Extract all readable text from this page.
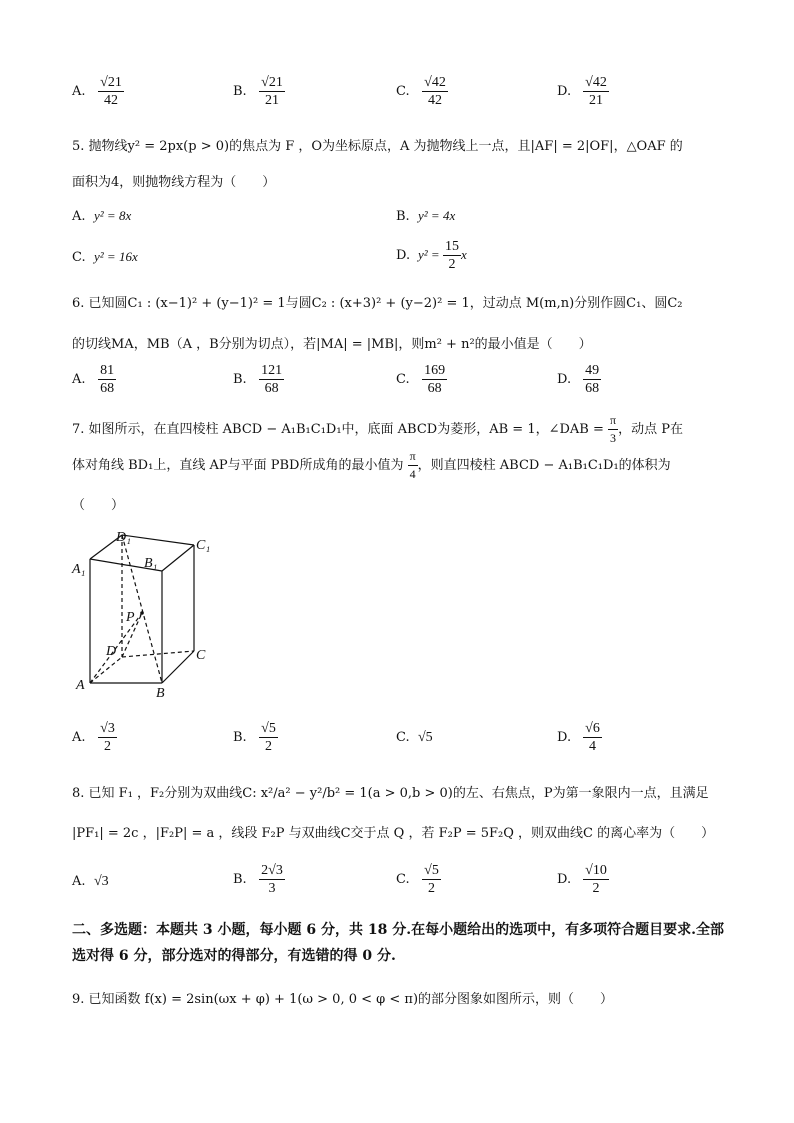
A. $\frac{√21}{42}$	B. $\frac{√21}{21}$	C. $\frac{√42}{42}$	D. $\frac{√42}{21}$
5. 抛物线y² = 2px(p > 0)的焦点为 F ，O为坐标原点，A 为抛物线上一点，且|AF| = 2|OF|，△OAF 的
面积为4，则抛物线方程为（　　）
A. y² = 8x	B. y² = 4x
C. y² = 16x	D. $y^2 = \frac{15}{2}$ x
6. 已知圆C₁ : (x−1)² + (y−1)² = 1与圆C₂ : (x+3)² + (y−2)² = 1，过动点 M(m,n)分别作圆C₁、圆C₂
的切线MA，MB（A ，B分别为切点），若|MA| = |MB|，则m² + n²的最小值是（　　）
A. $\frac{81}{68}$	B. $\frac{121}{68}$	C. $\frac{169}{68}$	D. $\frac{49}{68}$
7. 如图所示，在直四棱柱 ABCD − A₁B₁C₁D₁中，底面 ABCD为菱形，AB = 1，∠DAB = $\frac{\pi}{3}$ ，动点 P在
体对角线 BD₁上，直线 AP与平面 PBD所成角的最小值为 $\frac{\pi}{4}$ ，则直四棱柱 ABCD − A₁B₁C₁D₁的体积为
（　　）
D₁
C₁
A₁	B₁
P
D	C
A
B
A. $\frac{√3}{2}$	B. $\frac{√5}{2}$	C. √5	D. $\frac{√6}{4}$
8. 已知 F₁ ，F₂分别为双曲线C: x²/a² − y²/b² = 1(a > 0,b > 0)的左、右焦点，P为第一象限内一点，且满足
|PF₁| = 2c ，|F₂P| = a ，线段 F₂P 与双曲线C交于点 Q ，若 F₂P = 5F₂Q ，则双曲线C 的离心率为（　　）
A. √3	B. $\frac{2√3}{3}$	C. $\frac{√5}{2}$	D. $\frac{√10}{2}$
二、多选题：本题共 3 小题，每小题 6 分，共 18 分.在每小题给出的选项中，有多项符合题目要求.全部选对得 6 分，部分选对的得部分，有选错的得 0 分.
9. 已知函数 f(x) = 2sin(ωx + φ) + 1(ω > 0, 0 < φ < π)的部分图象如图所示，则（　　）
